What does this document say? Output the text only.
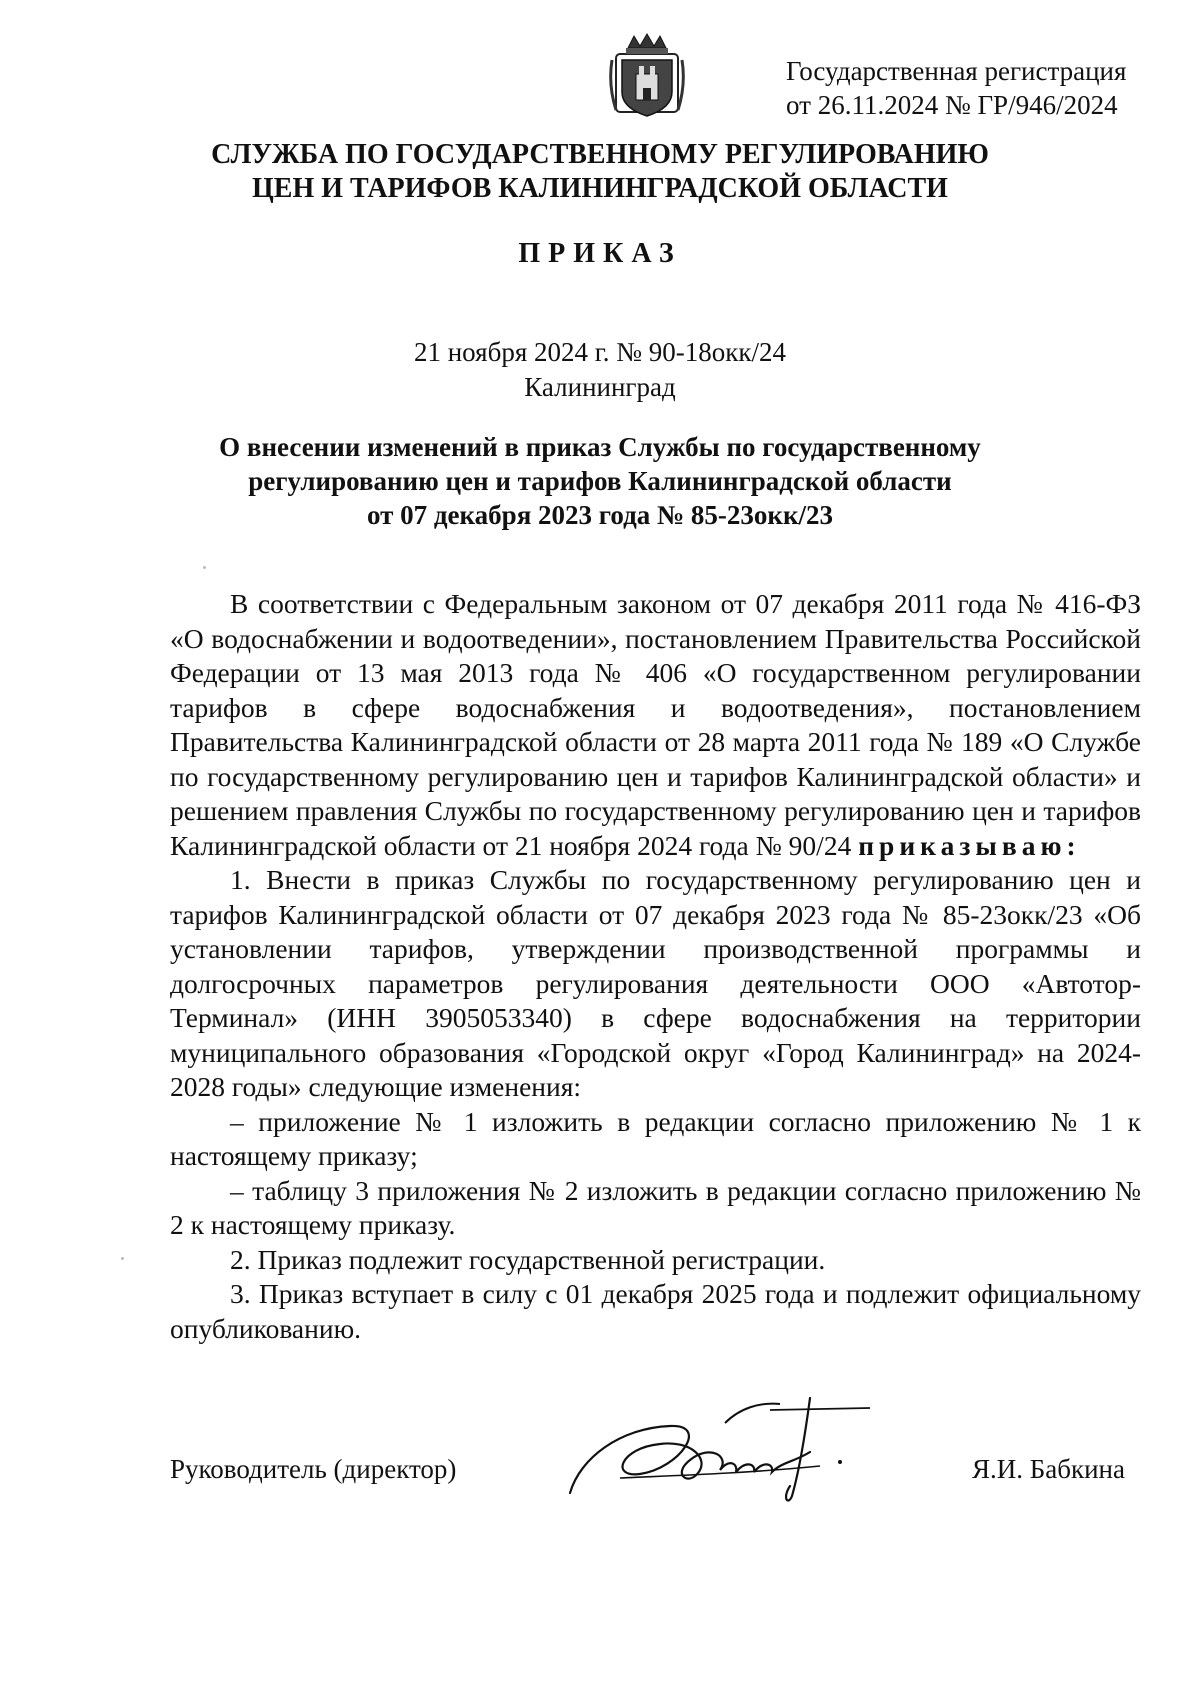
Государственная регистрация
от 26.11.2024 № ГР/946/2024
СЛУЖБА ПО ГОСУДАРСТВЕННОМУ РЕГУЛИРОВАНИЮ
ЦЕН И ТАРИФОВ КАЛИНИНГРАДСКОЙ ОБЛАСТИ
ПРИКАЗ
21 ноября 2024 г. № 90-18окк/24
Калининград
О внесении изменений в приказ Службы по государственному
регулированию цен и тарифов Калининградской области
от 07 декабря 2023 года № 85-23окк/23

В соответствии с Федеральным законом от 07 декабря 2011 года № 416-ФЗ «О водоснабжении и водоотведении», постановлением Правительства Российской Федерации от 13 мая 2013 года № 406 «О государственном регулировании тарифов в сфере водоснабжения и водоотведения», постановлением Правительства Калининградской области от 28 марта 2011 года № 189 «О Службе по государственному регулированию цен и тарифов Калининградской области» и решением правления Службы по государственному регулированию цен и тарифов Калининградской области от 21 ноября 2024 года № 90/24 приказываю:

1. Внести в приказ Службы по государственному регулированию цен и тарифов Калининградской области от 07 декабря 2023 года № 85-23окк/23 «Об установлении тарифов, утверждении производственной программы и долгосрочных параметров регулирования деятельности ООО «Автотор-Терминал» (ИНН 3905053340) в сфере водоснабжения на территории муниципального образования «Городской округ «Город Калининград» на 2024-2028 годы» следующие изменения:

– приложение № 1 изложить в редакции согласно приложению № 1 к настоящему приказу;

– таблицу 3 приложения № 2 изложить в редакции согласно приложению № 2 к настоящему приказу.

2. Приказ подлежит государственной регистрации.

3. Приказ вступает в силу с 01 декабря 2025 года и подлежит официальному опубликованию.

Руководитель (директор)	Я.И. Бабкина
